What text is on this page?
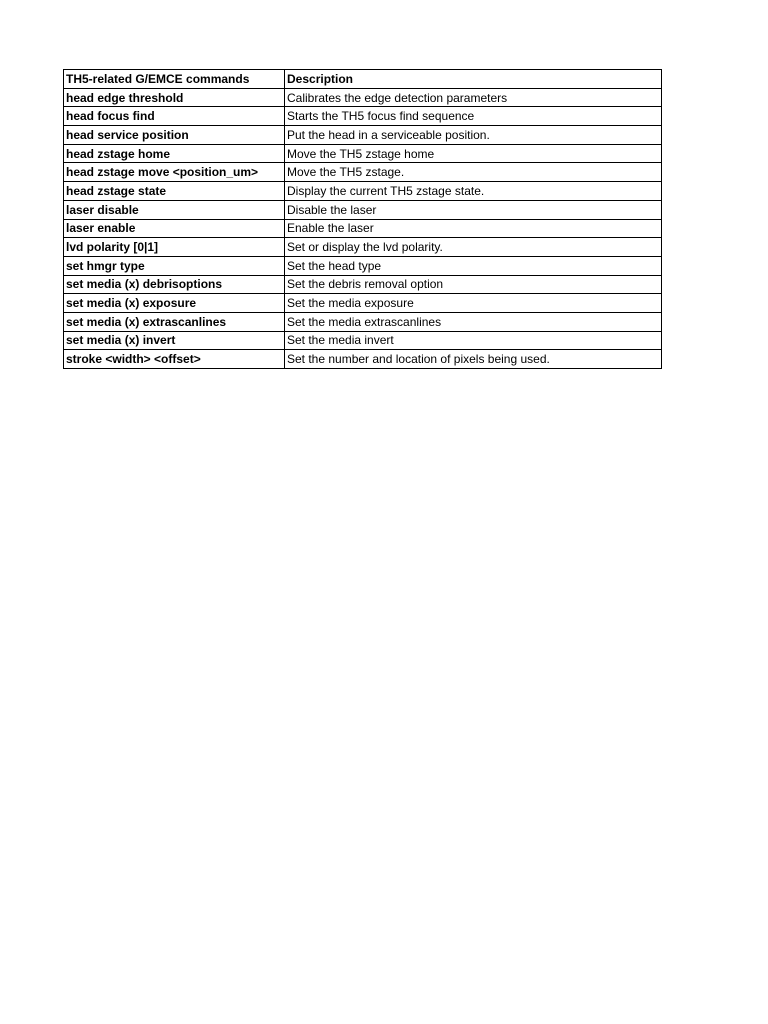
TH5-related G/EMCE commands	Description
head edge threshold	Calibrates the edge detection parameters
head focus find	Starts the TH5 focus find sequence
head service position	Put the head in a serviceable position.
head zstage home	Move the TH5 zstage home
head zstage move <position_um>	Move the TH5 zstage.
head zstage state	Display the current TH5 zstage state.
laser disable	Disable the laser
laser enable	Enable the laser
lvd polarity [0|1]	Set or display the lvd polarity.
set hmgr type	Set the head type
set media (x) debrisoptions	Set the debris removal option
set media (x) exposure	Set the media exposure
set media (x) extrascanlines	Set the media extrascanlines
set media (x) invert	Set the media invert
stroke <width> <offset>	Set the number and location of pixels being used.
